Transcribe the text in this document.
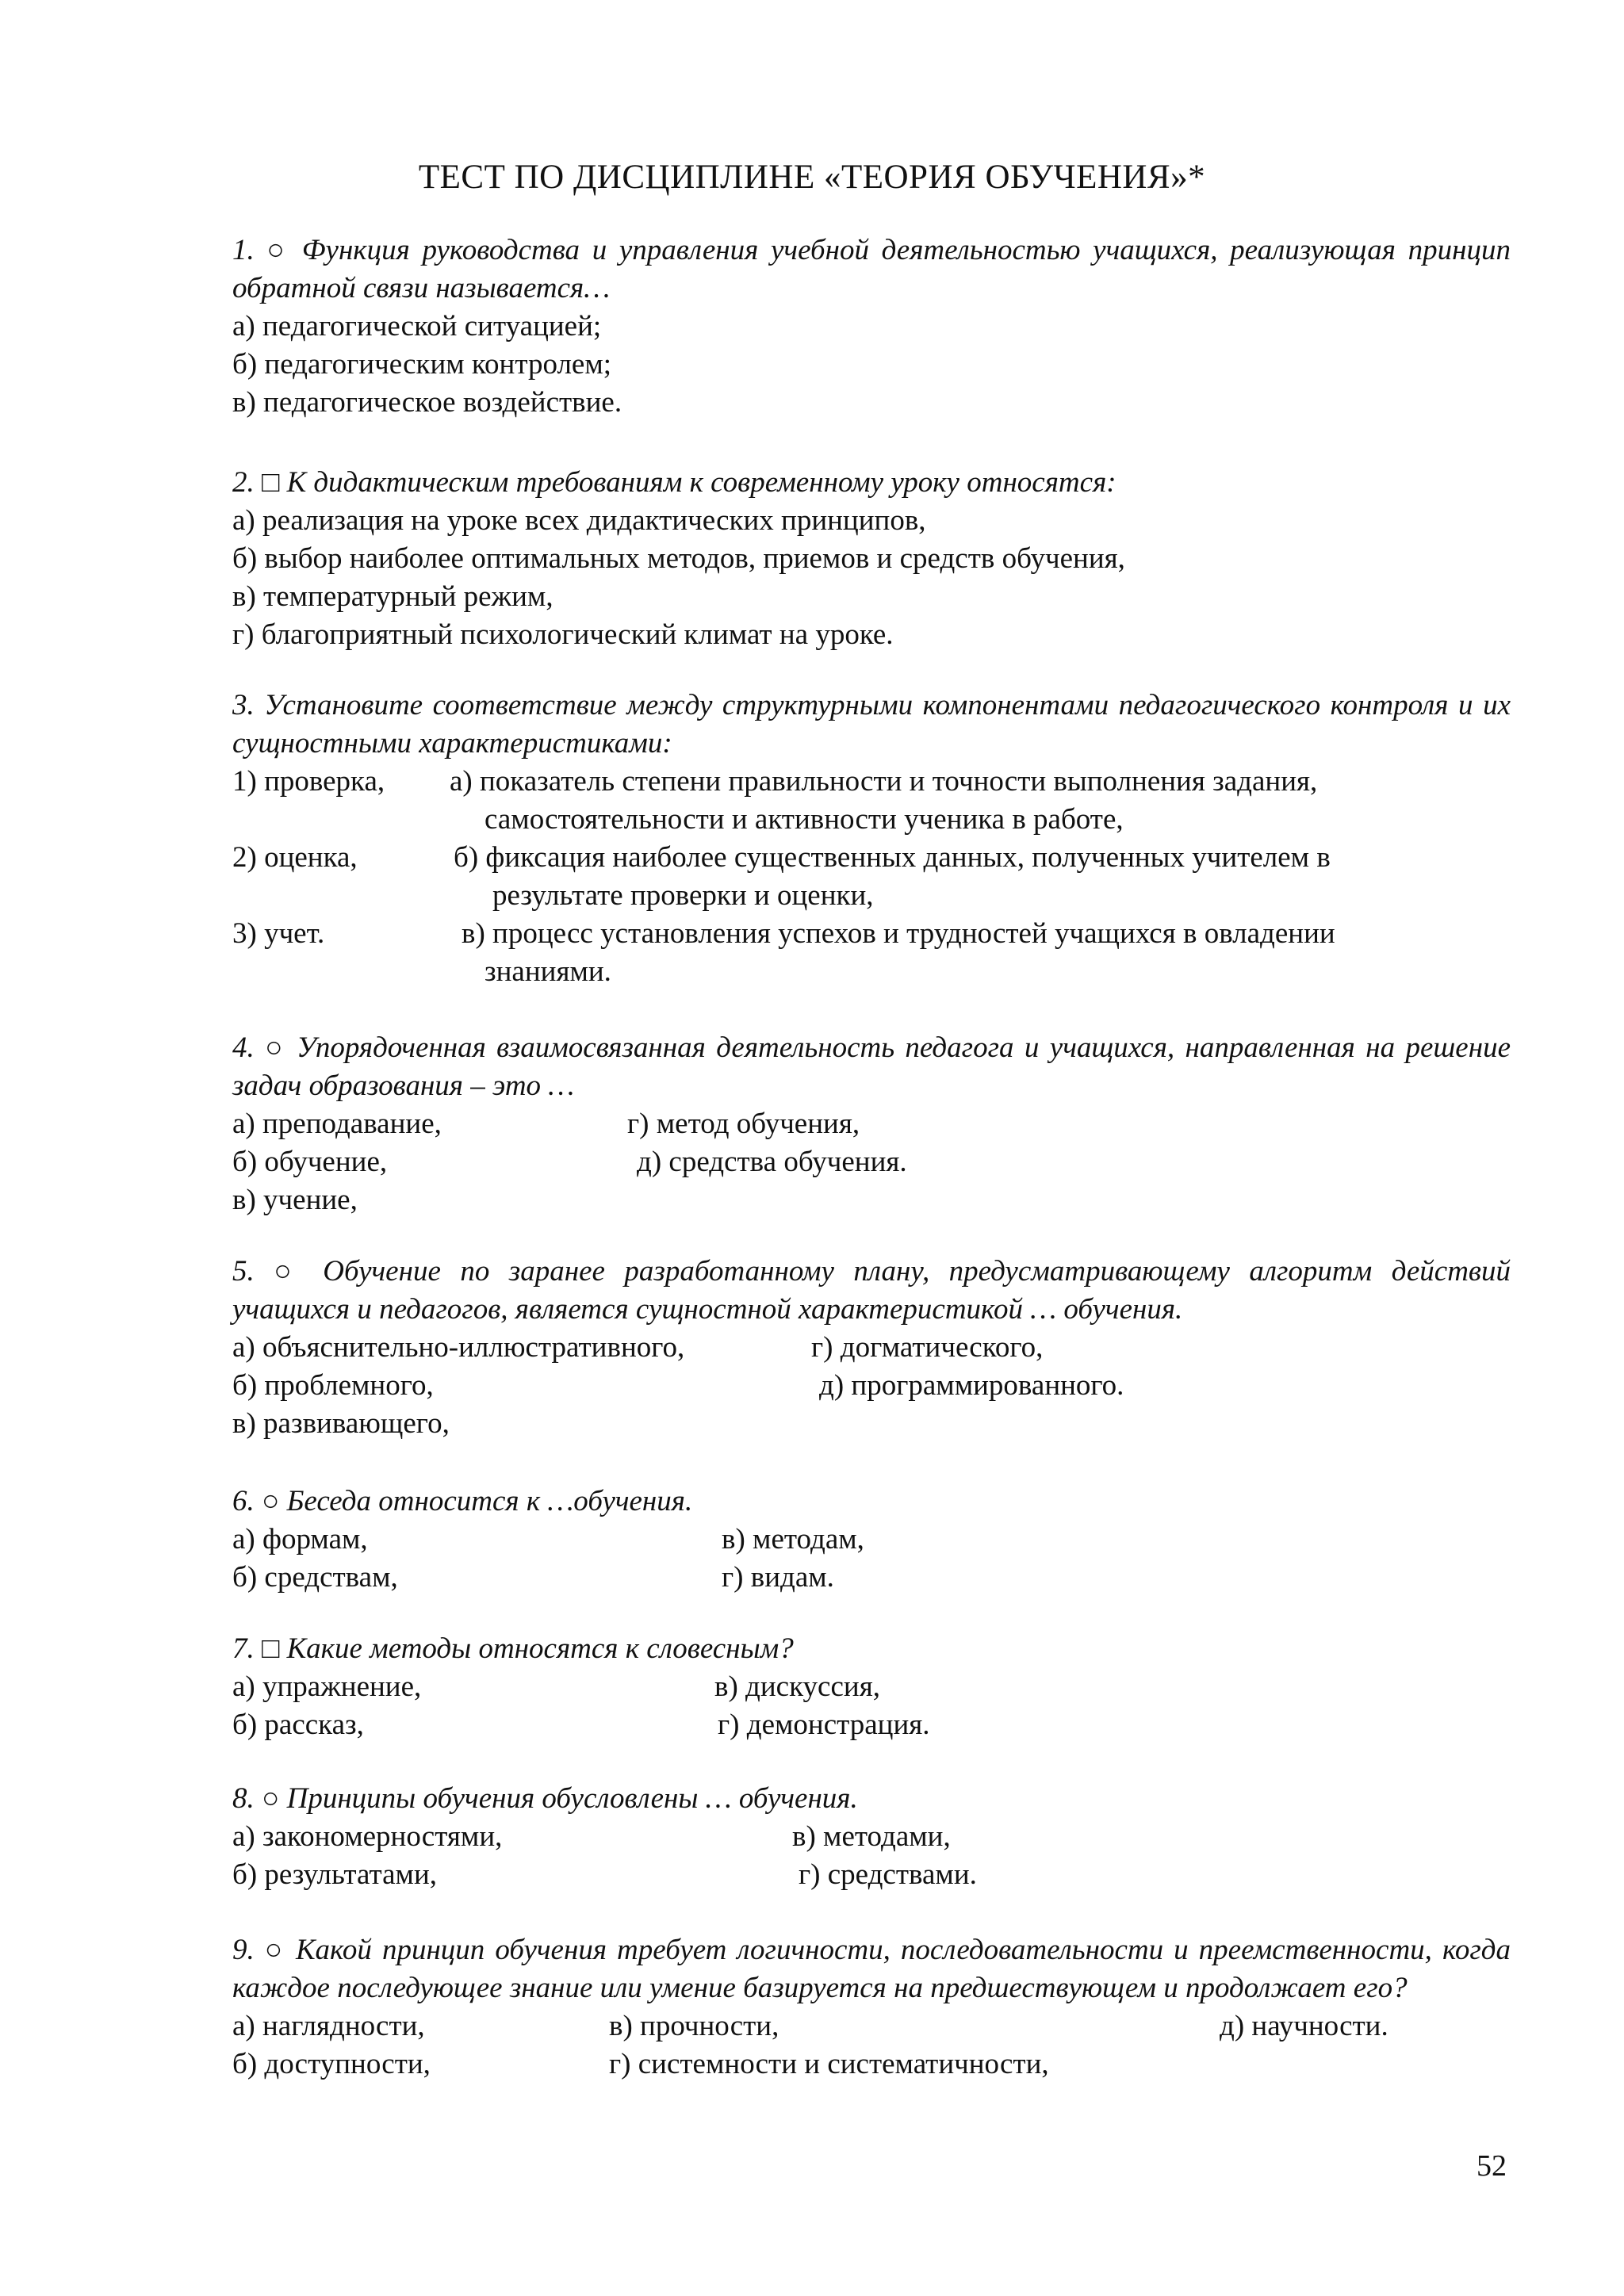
ТЕСТ ПО ДИСЦИПЛИНЕ «ТЕОРИЯ ОБУЧЕНИЯ»*

1. ○ Функция руководства и управления учебной деятельностью учащихся, реализующая принцип обратной связи называется…

а) педагогической ситуацией;
б) педагогическим контролем;
в) педагогическое воздействие.

2. □ К дидактическим требованиям к современному уроку относятся:

а) реализация на уроке всех дидактических принципов,
б) выбор наиболее оптимальных методов, приемов и средств обучения,
в) температурный режим,
г) благоприятный психологический климат на уроке.

3. Установите соответствие между структурными компонентами педагогического контроля и их сущностными характеристиками:

1) проверка, а) показатель степени правильности и точности выполнения задания,
самостоятельности и активности ученика в работе,
2) оценка,	б) фиксация наиболее существенных данных, полученных учителем в
результате проверки и оценки,
3) учет.	в) процесс установления успехов и трудностей учащихся в овладении
знаниями.

4. ○ Упорядоченная взаимосвязанная деятельность педагога и учащихся, направленная на решение задач образования – это …

а) преподавание,	г) метод обучения,
б) обучение,	д) средства обучения.
в) учение,

5. ○ Обучение по заранее разработанному плану, предусматривающему алгоритм действий учащихся и педагогов, является сущностной характеристикой … обучения.

а) объяснительно-иллюстративного,	г) догматического,
б) проблемного,	д) программированного.
в) развивающего,

6. ○ Беседа относится к …обучения.

а) формам,	в) методам,
б) средствам,	г) видам.

7. □ Какие методы относятся к словесным?

а) упражнение,	в) дискуссия,
б) рассказ,	г) демонстрация.

8. ○ Принципы обучения обусловлены … обучения.

а) закономерностями,	в) методами,
б) результатами,	г) средствами.

9. ○ Какой принцип обучения требует логичности, последовательности и преемственности, когда каждое последующее знание или умение базируется на предшествующем и продолжает его?

а) наглядности,	в) прочности,	д) научности.
б) доступности,	г) системности и систематичности,
52
